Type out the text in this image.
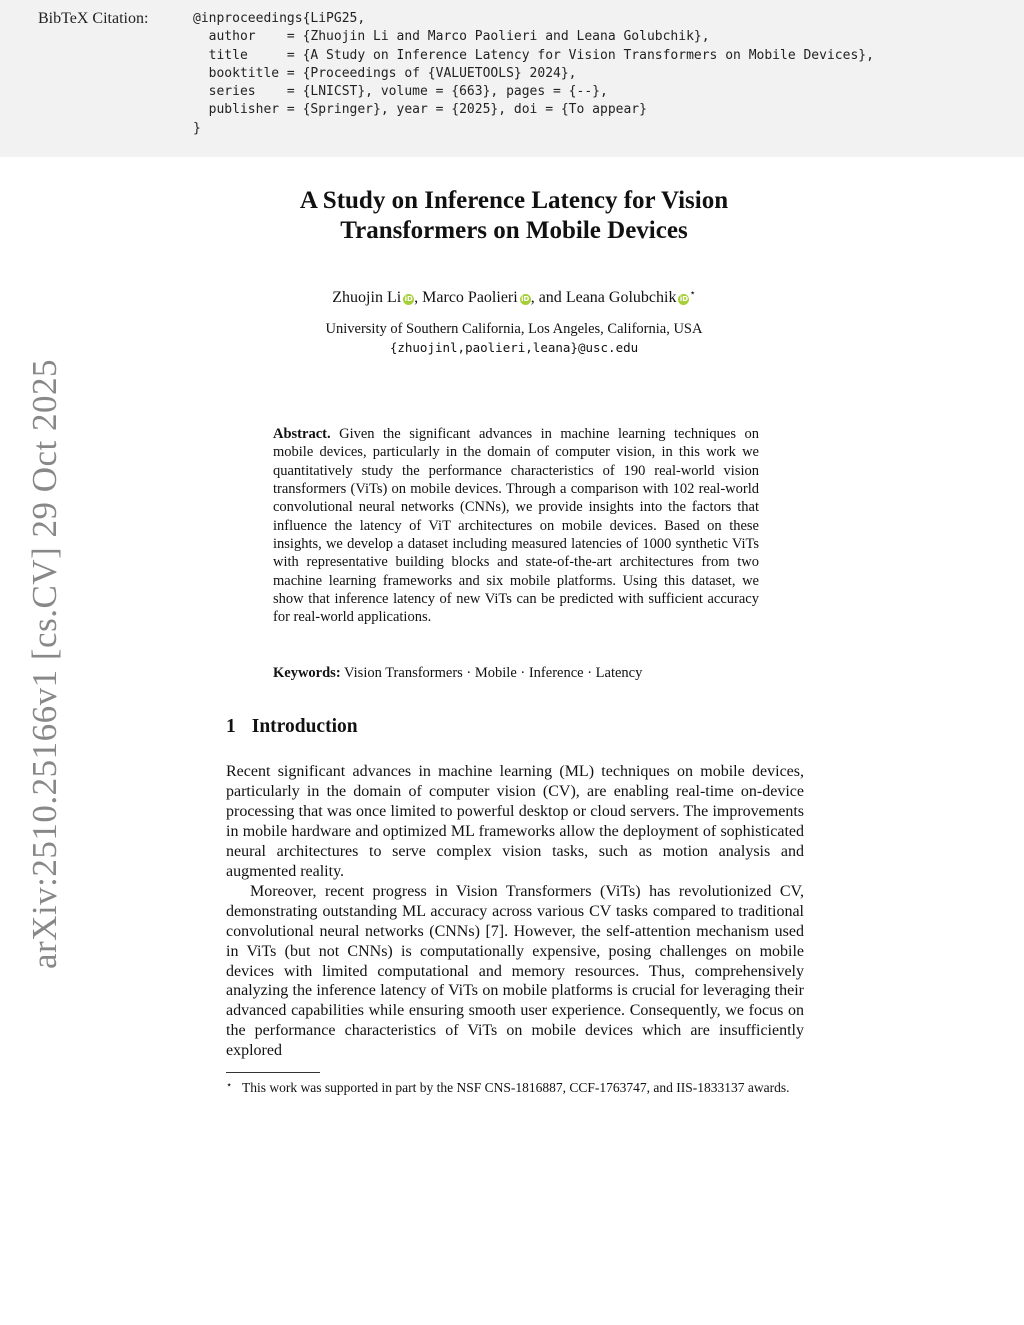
BibTeX Citation:	@inproceedings{LiPG25,
author    = {Zhuojin Li and Marco Paolieri and Leana Golubchik},
title     = {A Study on Inference Latency for Vision Transformers on Mobile Devices},
booktitle = {Proceedings of {VALUETOOLS} 2024},
series    = {LNICST}, volume = {663}, pages = {--},
publisher = {Springer}, year = {2025}, doi = {To appear}
}
arXiv:2510.25166v1 [cs.CV] 29 Oct 2025
A Study on Inference Latency for Vision
Transformers on Mobile Devices
Zhuojin Li iD, Marco Paolieri iD, and Leana Golubchik iD⋆
University of Southern California, Los Angeles, California, USA
{zhuojinl,paolieri,leana}@usc.edu

Abstract. Given the significant advances in machine learning techniques on mobile devices, particularly in the domain of computer vision, in this work we quantitatively study the performance characteristics of 190 real-world vision transformers (ViTs) on mobile devices. Through a comparison with 102 real-world convolutional neural networks (CNNs), we provide insights into the factors that influence the latency of ViT architectures on mobile devices. Based on these insights, we develop a dataset including measured latencies of 1000 synthetic ViTs with representative building blocks and state-of-the-art architectures from two machine learning frameworks and six mobile platforms. Using this dataset, we show that inference latency of new ViTs can be predicted with sufficient accuracy for real-world applications.

Keywords: Vision Transformers · Mobile · Inference · Latency
1 Introduction

Recent significant advances in machine learning (ML) techniques on mobile devices, particularly in the domain of computer vision (CV), are enabling real-time on-device processing that was once limited to powerful desktop or cloud servers. The improvements in mobile hardware and optimized ML frameworks allow the deployment of sophisticated neural architectures to serve complex vision tasks, such as motion analysis and augmented reality.

Moreover, recent progress in Vision Transformers (ViTs) has revolutionized CV, demonstrating outstanding ML accuracy across various CV tasks compared to traditional convolutional neural networks (CNNs) [7]. However, the self-attention mechanism used in ViTs (but not CNNs) is computationally expensive, posing challenges on mobile devices with limited computational and memory resources. Thus, comprehensively analyzing the inference latency of ViTs on mobile platforms is crucial for leveraging their advanced capabilities while ensuring smooth user experience. Consequently, we focus on the performance characteristics of ViTs on mobile devices which are insufficiently explored

⋆ This work was supported in part by the NSF CNS-1816887, CCF-1763747, and IIS-1833137 awards.
